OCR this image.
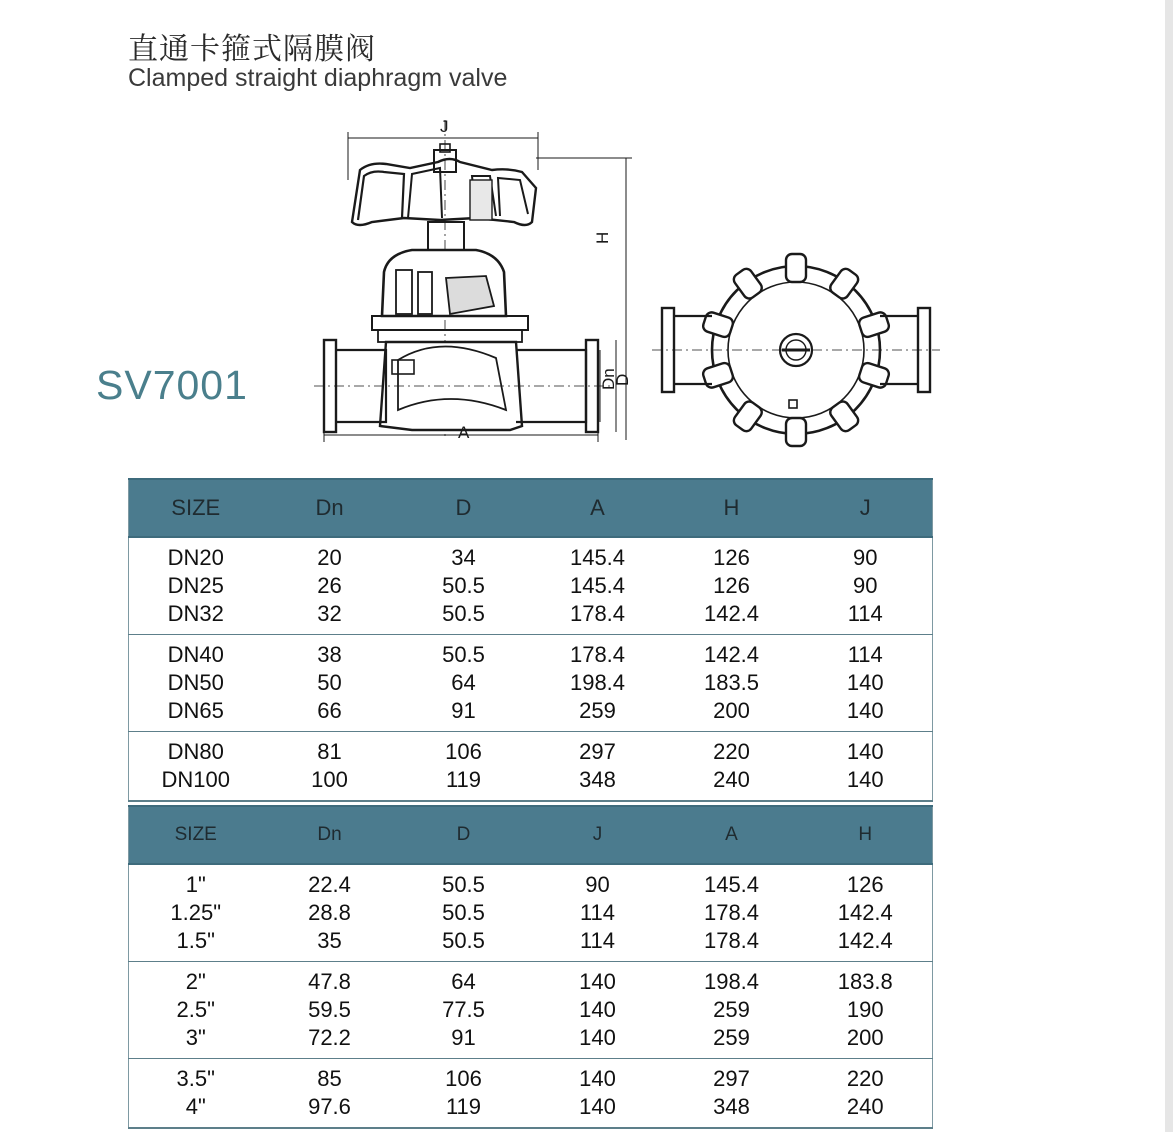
直通卡箍式隔膜阀
Clamped straight diaphragm valve
SV7001
J
H
A
Dn
D
SIZE	Dn	D	A	H	J
DN20	20	34	145.4	126	90
DN25	26	50.5	145.4	126	90
DN32	32	50.5	178.4	142.4	114
DN40	38	50.5	178.4	142.4	114
DN50	50	64	198.4	183.5	140
DN65	66	91	259	200	140
DN80	81	106	297	220	140
DN100	100	119	348	240	140
SIZE	Dn	D	J	A	H
1"	22.4	50.5	90	145.4	126
1.25"	28.8	50.5	114	178.4	142.4
1.5"	35	50.5	114	178.4	142.4
2"	47.8	64	140	198.4	183.8
2.5"	59.5	77.5	140	259	190
3"	72.2	91	140	259	200
3.5"	85	106	140	297	220
4"	97.6	119	140	348	240
